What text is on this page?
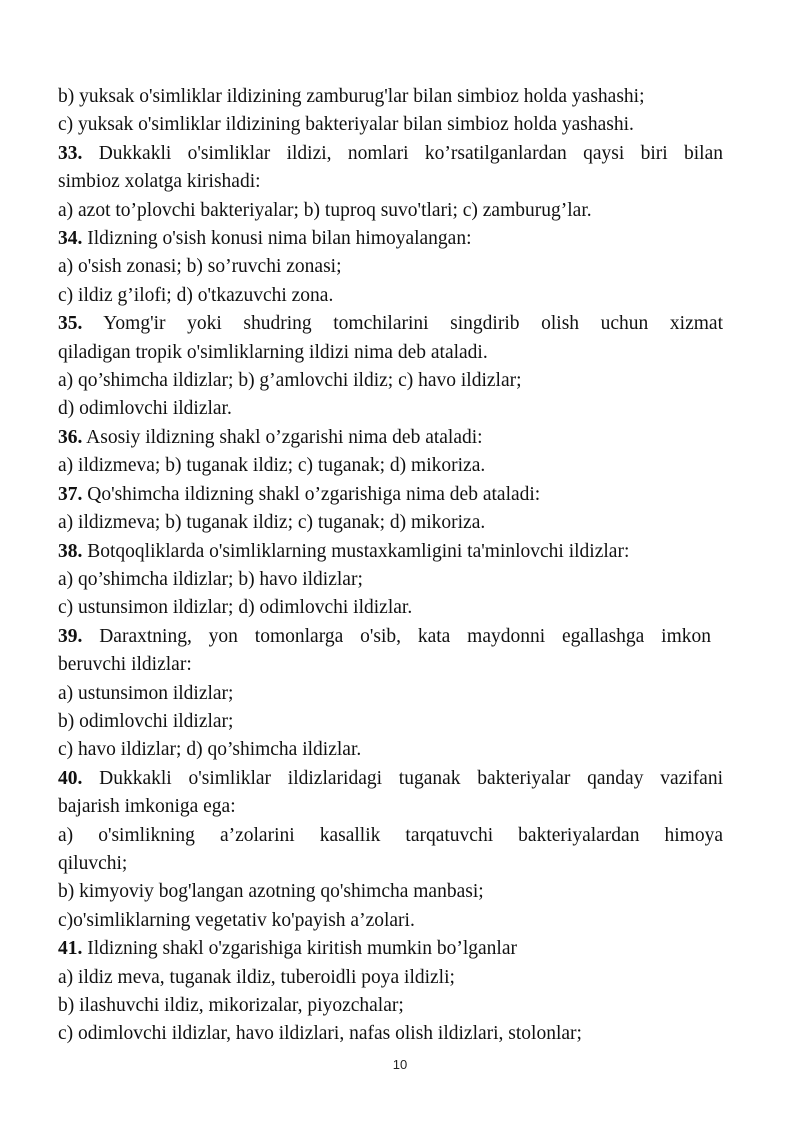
b) yuksak o'simliklar ildizining zamburug'lar bilan simbioz holda yashashi;
c) yuksak o'simliklar ildizining bakteriyalar bilan simbioz holda yashashi.
33. Dukkakli o'simliklar ildizi, nomlari ko’rsatilganlardan qaysi biri bilan
simbioz xolatga kirishadi:
a) azot to’plovchi bakteriyalar; b) tuproq suvo'tlari; c) zamburug’lar.
34. Ildizning o'sish konusi nima bilan himoyalangan:
a) o'sish zonasi; b) so’ruvchi zonasi;
c) ildiz g’ilofi; d) o'tkazuvchi zona.
35. Yomg'ir yoki shudring tomchilarini singdirib olish uchun xizmat
qiladigan tropik o'simliklarning ildizi nima deb ataladi.
a) qo’shimcha ildizlar; b) g’amlovchi ildiz; c) havo ildizlar;
d) odimlovchi ildizlar.
36. Asosiy ildizning shakl o’zgarishi nima deb ataladi:
a) ildizmeva; b) tuganak ildiz; c) tuganak; d) mikoriza.
37. Qo'shimcha ildizning shakl o’zgarishiga nima deb ataladi:
a) ildizmeva; b) tuganak ildiz; c) tuganak; d) mikoriza.
38. Botqoqliklarda o'simliklarning mustaxkamligini ta'minlovchi ildizlar:
a) qo’shimcha ildizlar; b) havo ildizlar;
c) ustunsimon ildizlar; d) odimlovchi ildizlar.
39. Daraxtning, yon tomonlarga o'sib, kata maydonni egallashga imkon
beruvchi ildizlar:
a) ustunsimon ildizlar;
b) odimlovchi ildizlar;
c) havo ildizlar; d) qo’shimcha ildizlar.
40. Dukkakli o'simliklar ildizlaridagi tuganak bakteriyalar qanday vazifani
bajarish imkoniga ega:
a) o'simlikning a’zolarini kasallik tarqatuvchi bakteriyalardan himoya
qiluvchi;
b) kimyoviy bog'langan azotning qo'shimcha manbasi;
c)o'simliklarning vegetativ ko'payish a’zolari.
41. Ildizning shakl o'zgarishiga kiritish mumkin bo’lganlar
a) ildiz meva, tuganak ildiz, tuberoidli poya ildizli;
b) ilashuvchi ildiz, mikorizalar, piyozchalar;
c) odimlovchi ildizlar, havo ildizlari, nafas olish ildizlari, stolonlar;
10
